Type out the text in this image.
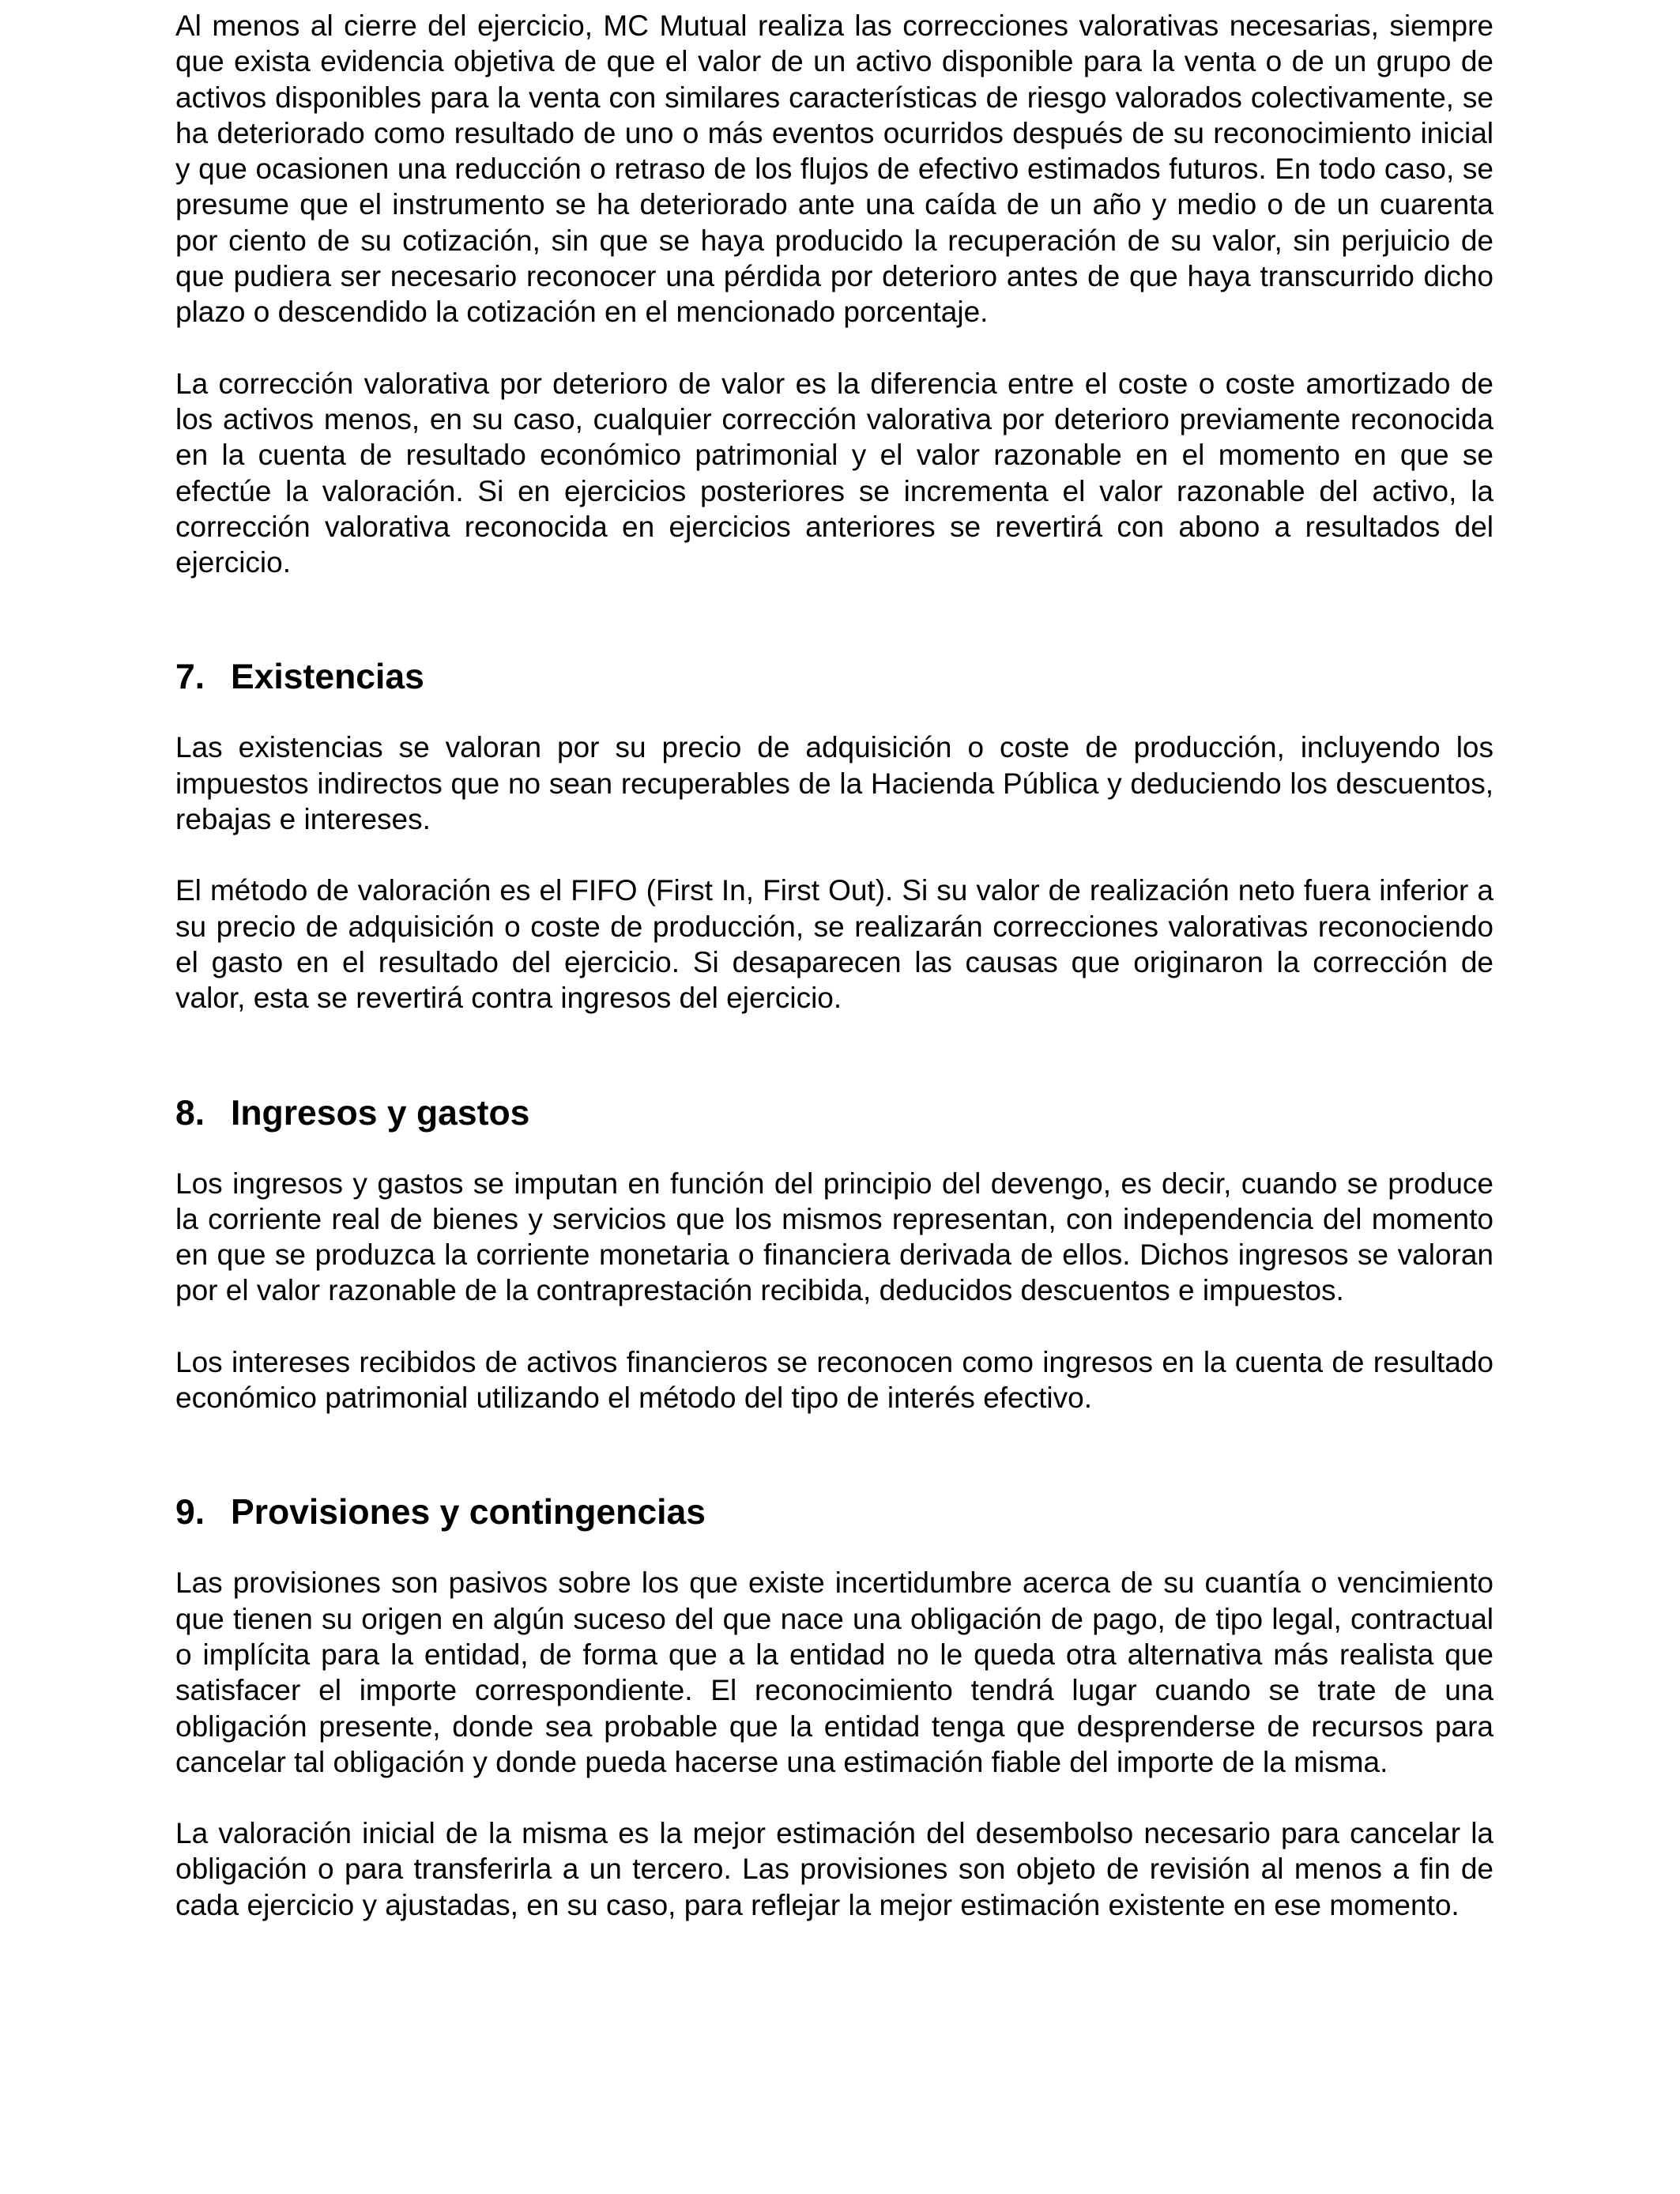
Al menos al cierre del ejercicio, MC Mutual realiza las correcciones valorativas necesarias, siempre que exista evidencia objetiva de que el valor de un activo disponible para la venta o de un grupo de activos disponibles para la venta con similares características de riesgo valorados colectivamente, se ha deteriorado como resultado de uno o más eventos ocurridos después de su reconocimiento inicial y que ocasionen una reducción o retraso de los flujos de efectivo estimados futuros. En todo caso, se presume que el instrumento se ha deteriorado ante una caída de un año y medio o de un cuarenta por ciento de su cotización, sin que se haya producido la recuperación de su valor, sin perjuicio de que pudiera ser necesario reconocer una pérdida por deterioro antes de que haya transcurrido dicho plazo o descendido la cotización en el mencionado porcentaje.

La corrección valorativa por deterioro de valor es la diferencia entre el coste o coste amortizado de los activos menos, en su caso, cualquier corrección valorativa por deterioro previamente reconocida en la cuenta de resultado económico patrimonial y el valor razonable en el momento en que se efectúe la valoración. Si en ejercicios posteriores se incrementa el valor razonable del activo, la corrección valorativa reconocida en ejercicios anteriores se revertirá con abono a resultados del ejercicio.

7. Existencias

Las existencias se valoran por su precio de adquisición o coste de producción, incluyendo los impuestos indirectos que no sean recuperables de la Hacienda Pública y deduciendo los descuentos, rebajas e intereses.

El método de valoración es el FIFO (First In, First Out). Si su valor de realización neto fuera inferior a su precio de adquisición o coste de producción, se realizarán correcciones valorativas reconociendo el gasto en el resultado del ejercicio. Si desaparecen las causas que originaron la corrección de valor, esta se revertirá contra ingresos del ejercicio.

8. Ingresos y gastos

Los ingresos y gastos se imputan en función del principio del devengo, es decir, cuando se produce la corriente real de bienes y servicios que los mismos representan, con independencia del momento en que se produzca la corriente monetaria o financiera derivada de ellos. Dichos ingresos se valoran por el valor razonable de la contraprestación recibida, deducidos descuentos e impuestos.

Los intereses recibidos de activos financieros se reconocen como ingresos en la cuenta de resultado económico patrimonial utilizando el método del tipo de interés efectivo.

9. Provisiones y contingencias

Las provisiones son pasivos sobre los que existe incertidumbre acerca de su cuantía o vencimiento que tienen su origen en algún suceso del que nace una obligación de pago, de tipo legal, contractual o implícita para la entidad, de forma que a la entidad no le queda otra alternativa más realista que satisfacer el importe correspondiente. El reconocimiento tendrá lugar cuando se trate de una obligación presente, donde sea probable que la entidad tenga que desprenderse de recursos para cancelar tal obligación y donde pueda hacerse una estimación fiable del importe de la misma.

La valoración inicial de la misma es la mejor estimación del desembolso necesario para cancelar la obligación o para transferirla a un tercero. Las provisiones son objeto de revisión al menos a fin de cada ejercicio y ajustadas, en su caso, para reflejar la mejor estimación existente en ese momento.
